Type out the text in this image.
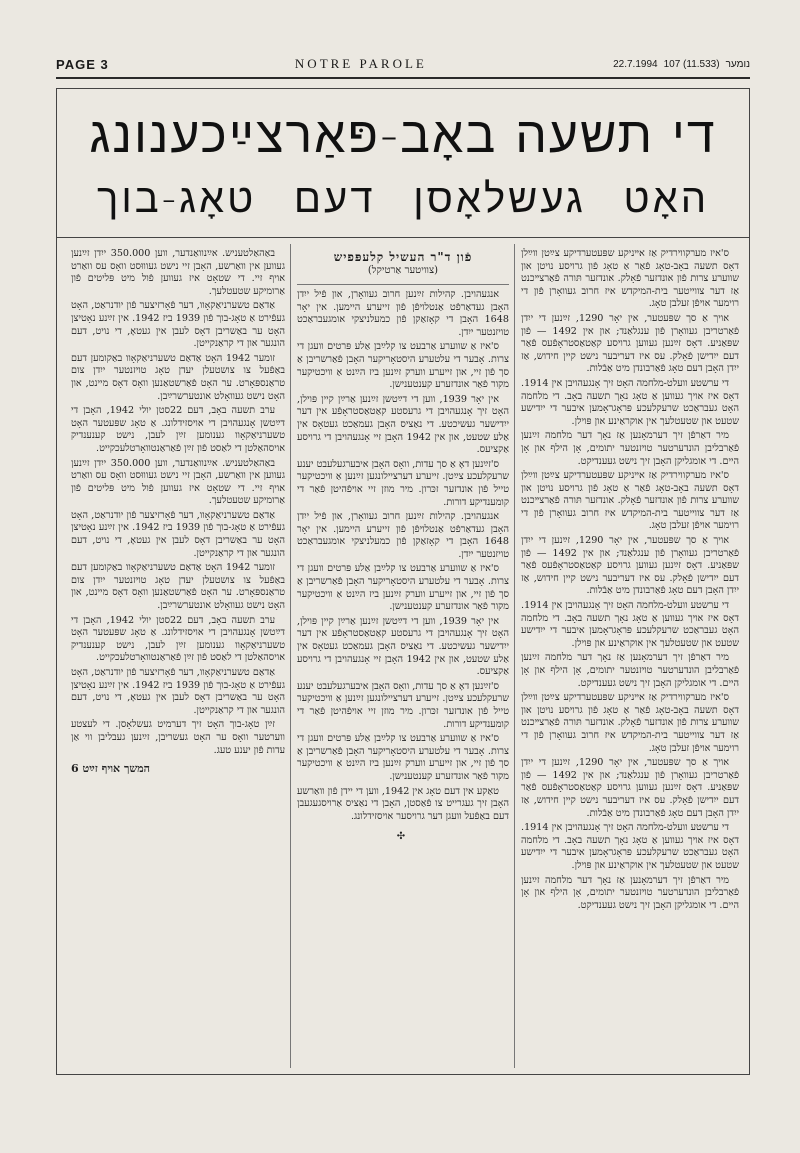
PAGE 3	NOTRE PAROLE	נומער
(11.533) 107
22.7.1994
די תשעה באָב-פּאַרצײַכענונג
האָט געשלאָסן דעם טאָג-בוך

ס'איז מערקווירדיק אַז אײניקע שפּעטערדיקע צײַטן ווײַלן דאָס תשעה באָב-טאָג פֿאַר אַ טאָג פֿון גרויסע נויטן און שװערע צרות פֿון אונדזער פֿאָלק. אונדזער תּורה פֿאַרצײכנט אַז דער צווייטער בית-המיקדש איז חרוב געוואָרן פֿון די רוימער אויפֿן זעלבן טאָג.

אויך אַ סך שפּעטער, אין יאָר 1290, זײַנען די ייִדן פֿאַרטריבן געוואָרן פֿון ענגלאַנד; און אין 1492 — פֿון שפּאַניע. דאָס זײַנען געווען גרויסע קאַטאַסטראָפֿעס פֿאַר דעם ייִדישן פֿאָלק. עס איז דעריבער נישט קיין חידוש, אַז ייִדן האָבן דעם טאָג פֿאַרבונדן מיט אַבֿלות.

די ערשטע וועלט-מלחמה האָט זיך אָנגעהויבן אין 1914. דאָס איז אויך געווען אַ טאָג נאָך תשעה באָב. די מלחמה האָט געבראַכט שרעקלעכע פּראָגראָמען איבער די ייִדישע שטעט און שטעטלעך אין אוקראַינע און פּוילן.

מיר דאַרפֿן זיך דערמאָנען אַז נאָך דער מלחמה זײַנען פֿאַרבליבן הונדערטער טויזנטער יתומים, אָן הילף און אָן היים. די אומגליקן האָבן זיך נישט געענדיקט.

ס'איז מערקווירדיק אַז אײניקע שפּעטערדיקע צײַטן ווײַלן דאָס תשעה באָב-טאָג פֿאַר אַ טאָג פֿון גרויסע נויטן און שװערע צרות פֿון אונדזער פֿאָלק. אונדזער תּורה פֿאַרצײכנט אַז דער צווייטער בית-המיקדש איז חרוב געוואָרן פֿון די רוימער אויפֿן זעלבן טאָג.

אויך אַ סך שפּעטער, אין יאָר 1290, זײַנען די ייִדן פֿאַרטריבן געוואָרן פֿון ענגלאַנד; און אין 1492 — פֿון שפּאַניע. דאָס זײַנען געווען גרויסע קאַטאַסטראָפֿעס פֿאַר דעם ייִדישן פֿאָלק. עס איז דעריבער נישט קיין חידוש, אַז ייִדן האָבן דעם טאָג פֿאַרבונדן מיט אַבֿלות.

די ערשטע וועלט-מלחמה האָט זיך אָנגעהויבן אין 1914. דאָס איז אויך געווען אַ טאָג נאָך תשעה באָב. די מלחמה האָט געבראַכט שרעקלעכע פּראָגראָמען איבער די ייִדישע שטעט און שטעטלעך אין אוקראַינע און פּוילן.

מיר דאַרפֿן זיך דערמאָנען אַז נאָך דער מלחמה זײַנען פֿאַרבליבן הונדערטער טויזנטער יתומים, אָן הילף און אָן היים. די אומגליקן האָבן זיך נישט געענדיקט.

ס'איז מערקווירדיק אַז אײניקע שפּעטערדיקע צײַטן ווײַלן דאָס תשעה באָב-טאָג פֿאַר אַ טאָג פֿון גרויסע נויטן און שװערע צרות פֿון אונדזער פֿאָלק. אונדזער תּורה פֿאַרצײכנט אַז דער צווייטער בית-המיקדש איז חרוב געוואָרן פֿון די רוימער אויפֿן זעלבן טאָג.

אויך אַ סך שפּעטער, אין יאָר 1290, זײַנען די ייִדן פֿאַרטריבן געוואָרן פֿון ענגלאַנד; און אין 1492 — פֿון שפּאַניע. דאָס זײַנען געווען גרויסע קאַטאַסטראָפֿעס פֿאַר דעם ייִדישן פֿאָלק. עס איז דעריבער נישט קיין חידוש, אַז ייִדן האָבן דעם טאָג פֿאַרבונדן מיט אַבֿלות.

די ערשטע וועלט-מלחמה האָט זיך אָנגעהויבן אין 1914. דאָס איז אויך געווען אַ טאָג נאָך תשעה באָב. די מלחמה האָט געבראַכט שרעקלעכע פּראָגראָמען איבער די ייִדישע שטעט און שטעטלעך אין אוקראַינע און פּוילן.

מיר דאַרפֿן זיך דערמאָנען אַז נאָך דער מלחמה זײַנען פֿאַרבליבן הונדערטער טויזנטער יתומים, אָן הילף און אָן היים. די אומגליקן האָבן זיך נישט געענדיקט.

פֿון ד"ר העשיל קלעפּפיש
(צוויטער אַרטיקל)

אנגעהויבן. קהילות זײַנען חרוב געוואָרן, און פֿיל ייִדן האָבן געדאַרפֿט אַנטלויפֿן פֿון זייערע היימען. אין יאָר 1648 האָבן די קאָזאַקן פֿון כמעלניצקי אומגעבראַכט טויזנטער ייִדן.

ס'איז אַ שווערע אַרבעט צו קלײַבן אַלע פּרטים וועגן די צרות. אָבער די עלטערע היסטאָריקער האָבן פֿאַרשריבן אַ סך פֿון זיי, און זייערע ווערק זײַנען ביז הײַנט אַ וויכטיקער מקור פֿאַר אונדזערע קענטענישן.

אין יאָר 1939, ווען די דײַטשן זײַנען אַרײַן קיין פּוילן, האָט זיך אָנגעהויבן די גרעסטע קאַטאַסטראָפֿע אין דער ייִדישער געשיכטע. די נאַציס האָבן געמאַכט געטאָס אין אַלע שטעט, און אין 1942 האָבן זיי אָנגעהויבן די גרויסע אַקציעס.

ס'זײַנען דאָ אַ סך עדות, וואָס האָבן איבערגעלעבט יענע שרעקלעכע צײַטן. זייערע דערציילונגען זײַנען אַ וויכטיקער טייל פֿון אונדזער זכּרון. מיר מוזן זיי אויפֿהיטן פֿאַר די קומענדיקע דורות.

אנגעהויבן. קהילות זײַנען חרוב געוואָרן, און פֿיל ייִדן האָבן געדאַרפֿט אַנטלויפֿן פֿון זייערע היימען. אין יאָר 1648 האָבן די קאָזאַקן פֿון כמעלניצקי אומגעבראַכט טויזנטער ייִדן.

ס'איז אַ שווערע אַרבעט צו קלײַבן אַלע פּרטים וועגן די צרות. אָבער די עלטערע היסטאָריקער האָבן פֿאַרשריבן אַ סך פֿון זיי, און זייערע ווערק זײַנען ביז הײַנט אַ וויכטיקער מקור פֿאַר אונדזערע קענטענישן.

אין יאָר 1939, ווען די דײַטשן זײַנען אַרײַן קיין פּוילן, האָט זיך אָנגעהויבן די גרעסטע קאַטאַסטראָפֿע אין דער ייִדישער געשיכטע. די נאַציס האָבן געמאַכט געטאָס אין אַלע שטעט, און אין 1942 האָבן זיי אָנגעהויבן די גרויסע אַקציעס.

ס'זײַנען דאָ אַ סך עדות, וואָס האָבן איבערגעלעבט יענע שרעקלעכע צײַטן. זייערע דערציילונגען זײַנען אַ וויכטיקער טייל פֿון אונדזער זכּרון. מיר מוזן זיי אויפֿהיטן פֿאַר די קומענדיקע דורות.

ס'איז אַ שווערע אַרבעט צו קלײַבן אַלע פּרטים וועגן די צרות. אָבער די עלטערע היסטאָריקער האָבן פֿאַרשריבן אַ סך פֿון זיי, און זייערע ווערק זײַנען ביז הײַנט אַ וויכטיקער מקור פֿאַר אונדזערע קענטענישן.

טאַקע אין דעם טאָג אין 1942, ווען די יידן פֿון וואַרשע האָבן זיך געגרייט צו פֿאַסטן, האָבן די נאַציס אַרויסגעגעבן דעם באַפֿעל וועגן דער גרויסער אויסזידלונג.

✣

באַהאַלטעניש. אײַנוואַנדער, ווען 350.000 ייִדן זײַנען געווען אין וואַרשע, האָבן זיי נישט געוווּסט וואָס עס וואַרט אויף זיי. די שטאָט איז געווען פֿול מיט פּליטים פֿון אַרומיקע שטעטלעך.

אַדאַם טשערניאַקאָוו, דער פֿאָרזיצער פֿון יודנראַט, האָט געפֿירט אַ טאָג-בוך פֿון 1939 ביז 1942. אין זײַנע נאָטיצן האָט ער באַשריבן דאָס לעבן אין געטאָ, די נויט, דעם הונגער און די קראַנקייטן.

זומער 1942 האָט אַדאַם טשערניאַקאָוו באַקומען דעם באַפֿעל צו צושטעלן יעדן טאָג טויזנטער ייִדן צום טראַנספּאָרט. ער האָט פֿאַרשטאַנען וואָס דאָס מיינט, און האָט נישט געוואָלט אונטערשרײַבן.

ערב תשעה באָב, דעם 22סטן יולי 1942, האָבן די דײַטשן אָנגעהויבן די אויסזידלונג. אַ טאָג שפּעטער האָט טשערניאַקאָוו גענומען זײַן לעבן, נישט קענענדיק אויסהאַלטן די לאַסט פֿון זײַן פֿאַראַנטוואָרטלעכקייט.

באַהאַלטעניש. אײַנוואַנדער, ווען 350.000 ייִדן זײַנען געווען אין וואַרשע, האָבן זיי נישט געוווּסט וואָס עס וואַרט אויף זיי. די שטאָט איז געווען פֿול מיט פּליטים פֿון אַרומיקע שטעטלעך.

אַדאַם טשערניאַקאָוו, דער פֿאָרזיצער פֿון יודנראַט, האָט געפֿירט אַ טאָג-בוך פֿון 1939 ביז 1942. אין זײַנע נאָטיצן האָט ער באַשריבן דאָס לעבן אין געטאָ, די נויט, דעם הונגער און די קראַנקייטן.

זומער 1942 האָט אַדאַם טשערניאַקאָוו באַקומען דעם באַפֿעל צו צושטעלן יעדן טאָג טויזנטער ייִדן צום טראַנספּאָרט. ער האָט פֿאַרשטאַנען וואָס דאָס מיינט, און האָט נישט געוואָלט אונטערשרײַבן.

ערב תשעה באָב, דעם 22סטן יולי 1942, האָבן די דײַטשן אָנגעהויבן די אויסזידלונג. אַ טאָג שפּעטער האָט טשערניאַקאָוו גענומען זײַן לעבן, נישט קענענדיק אויסהאַלטן די לאַסט פֿון זײַן פֿאַראַנטוואָרטלעכקייט.

אַדאַם טשערניאַקאָוו, דער פֿאָרזיצער פֿון יודנראַט, האָט געפֿירט אַ טאָג-בוך פֿון 1939 ביז 1942. אין זײַנע נאָטיצן האָט ער באַשריבן דאָס לעבן אין געטאָ, די נויט, דעם הונגער און די קראַנקייטן.

זײַן טאָג-בוך האָט זיך דערמיט געשלאָסן. די לעצטע ווערטער וואָס ער האָט געשריבן, זײַנען געבליבן ווי אַן עדות פֿון יענע טעג.

המשך אויף זײַט 6
